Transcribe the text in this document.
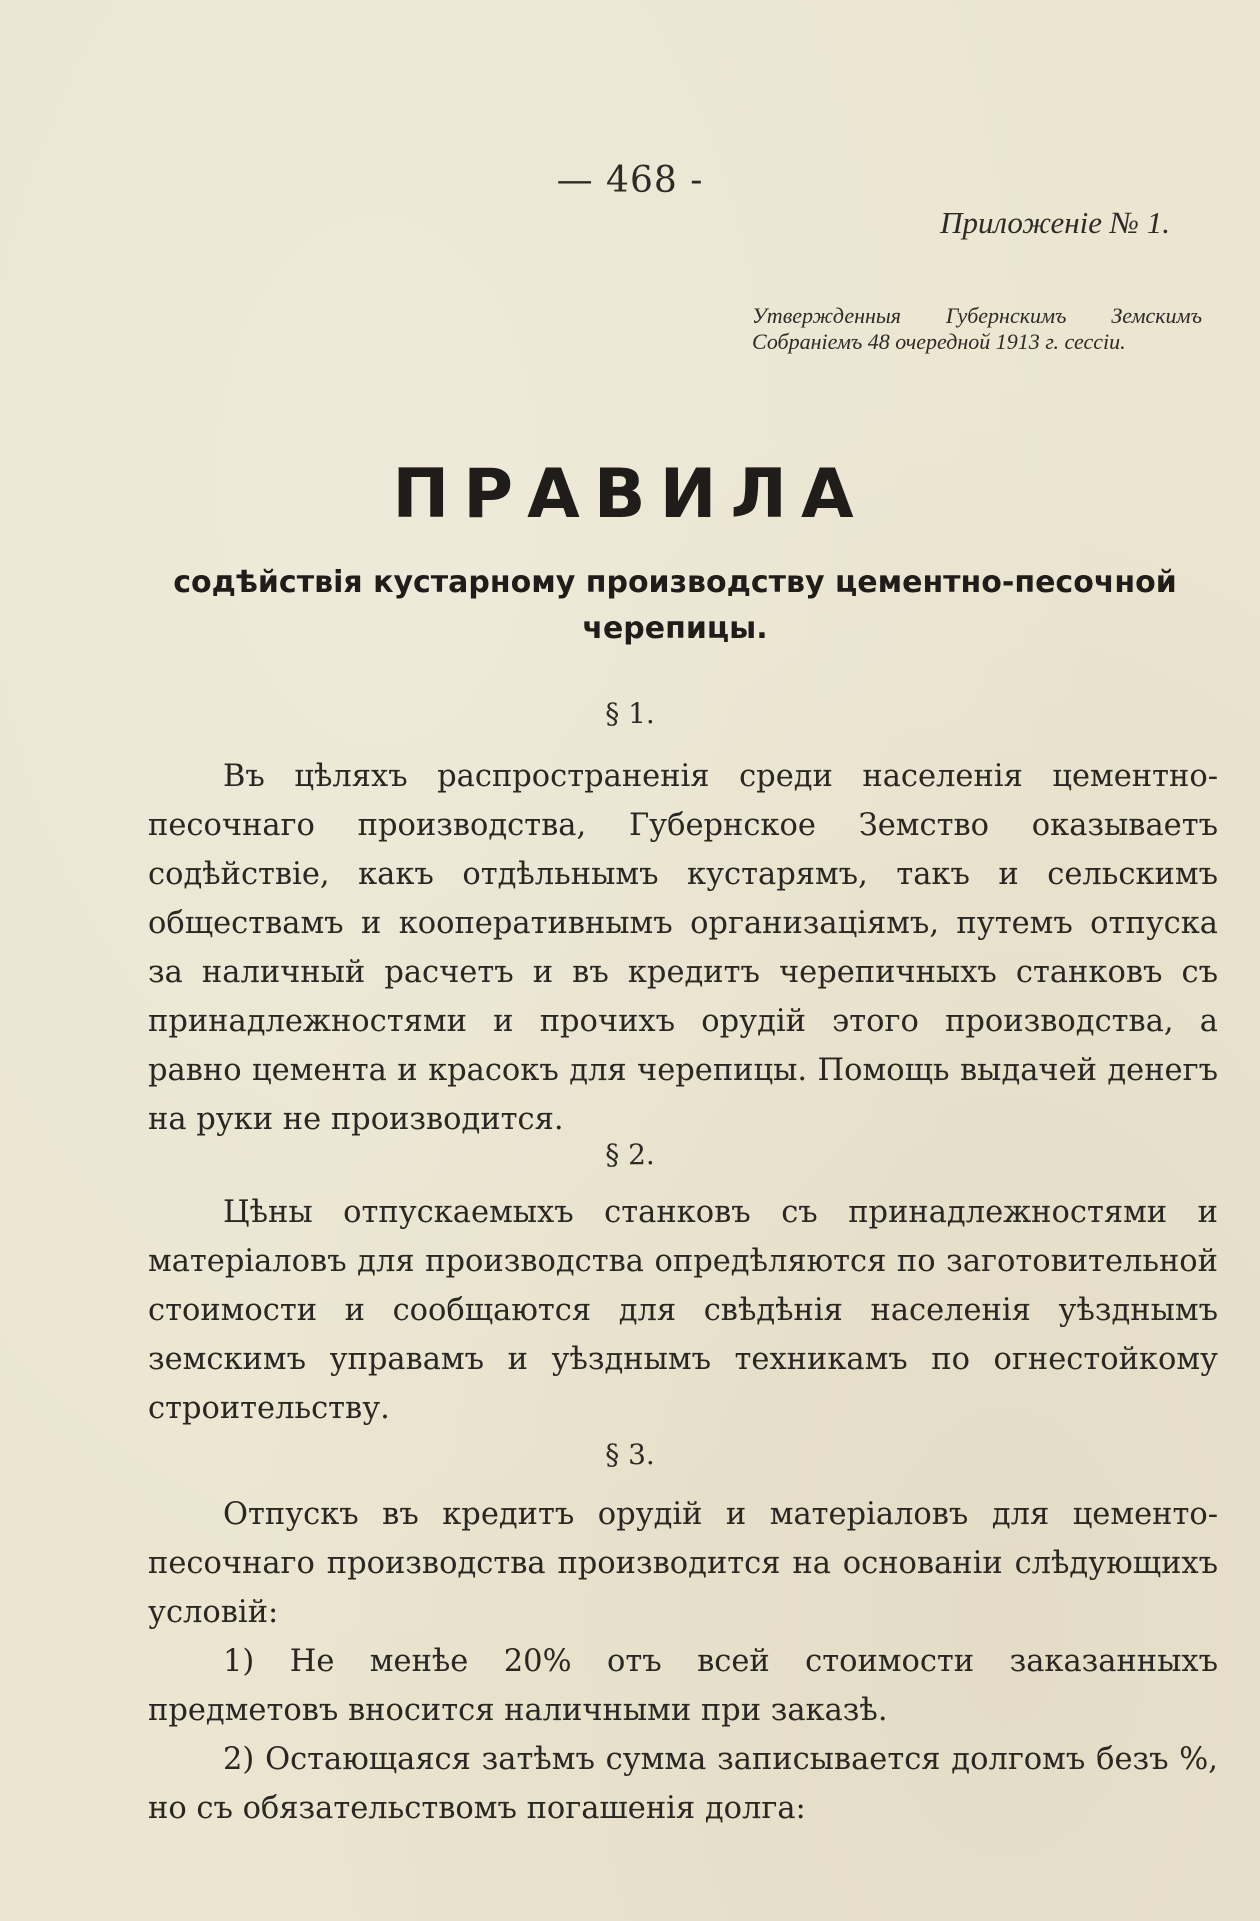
— 468 -
Приложеніе № 1.
Утвержденныя Губернскимъ Земскимъ Собраніемъ 48 очередной 1913 г. сессіи.
ПРАВИЛА
содѣйствія кустарному производству цементно-песочной черепицы.
§ 1.
Въ цѣляхъ распространенія среди населенія цементно-песочнаго производства, Губернское Земство оказываетъ содѣйствіе, какъ отдѣльнымъ кустарямъ, такъ и сельскимъ обществамъ и кооперативнымъ организаціямъ, путемъ отпуска за наличный расчетъ и въ кредитъ черепичныхъ станковъ съ принадлежностями и прочихъ орудій этого производства, а равно цемента и красокъ для черепицы. Помощь выдачей денегъ на руки не производится.
§ 2.
Цѣны отпускаемыхъ станковъ съ принадлежностями и матеріаловъ для производства опредѣляются по заготовительной стоимости и сообщаются для свѣдѣнія населенія уѣзднымъ земскимъ управамъ и уѣзднымъ техникамъ по огнестойкому строительству.
§ 3.
Отпускъ въ кредитъ орудій и матеріаловъ для цементо-песочнаго производства производится на основаніи слѣдующихъ условій:
1) Не менѣе 20% отъ всей стоимости заказанныхъ предметовъ вносится наличными при заказѣ.
2) Остающаяся затѣмъ сумма записывается долгомъ безъ %, но съ обязательствомъ погашенія долга:
